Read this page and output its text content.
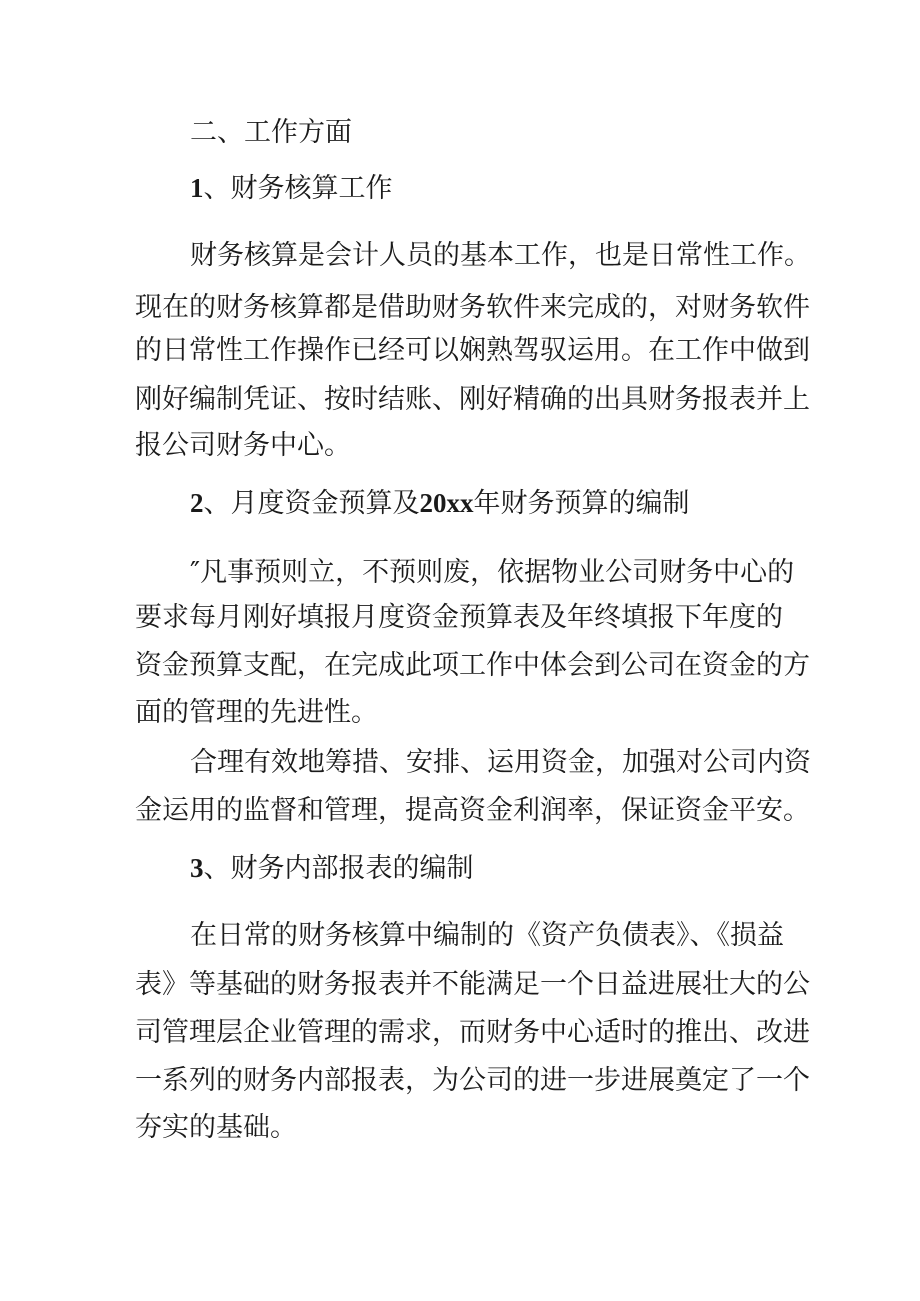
二、工作方面

1、财务核算工作

财务核算是会计人员的基本工作，也是日常性工作。

现在的财务核算都是借助财务软件来完成的，对财务软件

的日常性工作操作已经可以娴熟驾驭运用。在工作中做到

刚好编制凭证、按时结账、刚好精确的出具财务报表并上

报公司财务中心。

2、月度资金预算及20xx年财务预算的编制

″凡事预则立，不预则废，依据物业公司财务中心的

要求每月刚好填报月度资金预算表及年终填报下年度的

资金预算支配，在完成此项工作中体会到公司在资金的方

面的管理的先进性。

合理有效地筹措、安排、运用资金，加强对公司内资

金运用的监督和管理，提高资金利润率，保证资金平安。

3、财务内部报表的编制

在日常的财务核算中编制的《资产负债表》、《损益

表》等基础的财务报表并不能满足一个日益进展壮大的公

司管理层企业管理的需求，而财务中心适时的推出、改进

一系列的财务内部报表，为公司的进一步进展奠定了一个

夯实的基础。
